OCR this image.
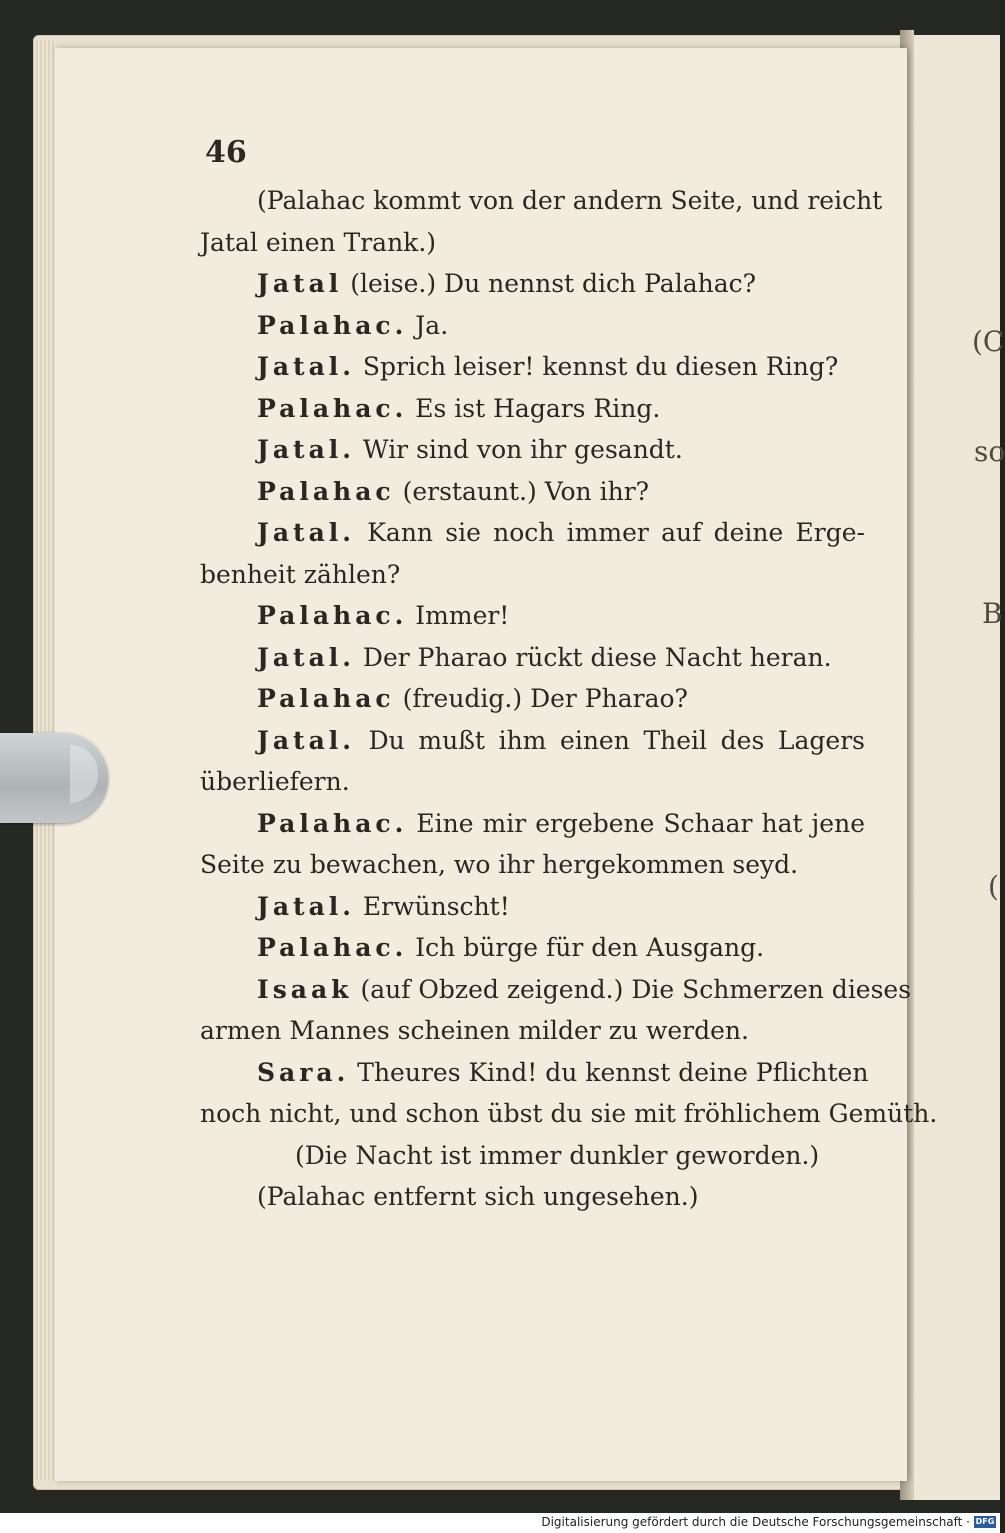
(C
so
B
(
46
(Palahac kommt von der andern Seite, und reicht
Jatal einen Trank.)
Jatal (leise.) Du nennst dich Palahac?
Palahac. Ja.
Jatal. Sprich leiser! kennst du diesen Ring?
Palahac. Es ist Hagars Ring.
Jatal. Wir sind von ihr gesandt.
Palahac (erstaunt.) Von ihr?
Jatal. Kann sie noch immer auf deine Erge-
benheit zählen?
Palahac. Immer!
Jatal. Der Pharao rückt diese Nacht heran.
Palahac (freudig.) Der Pharao?
Jatal. Du mußt ihm einen Theil des Lagers
überliefern.
Palahac. Eine mir ergebene Schaar hat jene
Seite zu bewachen, wo ihr hergekommen seyd.
Jatal. Erwünscht!
Palahac. Ich bürge für den Ausgang.
Isaak (auf Obzed zeigend.) Die Schmerzen dieses
armen Mannes scheinen milder zu werden.
Sara. Theures Kind! du kennst deine Pflichten
noch nicht, und schon übst du sie mit fröhlichem Gemüth.
(Die Nacht ist immer dunkler geworden.)
(Palahac entfernt sich ungesehen.)
Digitalisierung gefördert durch die Deutsche Forschungsgemeinschaft · DFG
